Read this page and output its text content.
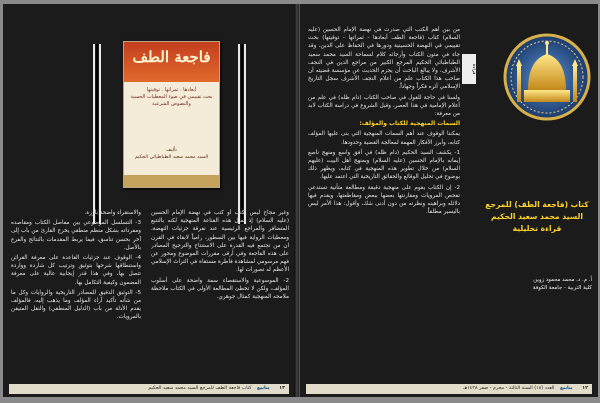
فاجعة الطف
أبعادها . ثمراتها . توقيتها
بحث تقييمي في ضوء المعطيات الحسية والنصوص الشرعية
تأليف
السيد محمد سعيد الطباطبائي الحكيم

والاستقراء واضحة بارزة.

3- التسلسل الموضوعي بين مفاصل الكتاب ومقاصده ومفرداته بشكل منظم منطقي يخرج القارئ من باب إلى آخر بحسن تناسق، فيما يربط المقدمات بالنتائج والفرع بالأصل.

4- الوقوف عند جزئيات القاعدة على معرفة القرائن واستنطاقها شرحها بتوثيق وترتيب كل شاردة وواردة تتصل بها، وفي هذا قدر إيجابية عالية على معرفة المضمون وكيفية التكامل بها.

5- التوثيق الدقيق للمصادر التاريخية والروايات وكل ما من شأنه تأكيد آراء المؤلف وما يذهب إليه، فالمؤلف يقدم الأدلة من باب (الدليل المنطقي) والنقل المتيقن بالمرويات.

وغير مجاح ليس يكتب أو كتب في نهضة الإمام الحسين (عليه السلام) إذ يمثل هذه القناعة المنهجية لكنه بالتتبع المتضافر والمراجع الرئيسية عند تفرقة جزئيات النهضة، ومعطيات الرواية فيها بين السطور، رامياً لابقاء في القرن ان من تجتمع فيه القدرة على الاستنتاج والترجيح المصادر على هذه الفاجعة وفي أرقى مقررات الموضوع ومحور عن فهم مرسومي لمشاهدة فاطرة مستقاة في التراث الإسلامي الأعظم له تصورات لها.

2- الموسوعية والاستقصاء سمة واضحة على أسلوب المؤلف، ولكن لا تخطئ المطالعة الأولى في الكتاب ملاحظة ملامحه المنهجية كمثال جوهري.

١٣ ينابيع كتاب فاجعة الطف للمرجع السيد محمد سعيد الحكيم
قراءة

من بين أهم الكتب التي صدرت في نهضة الإمام الحسين (عليه السلام) كتاب (فاجعة الطف أبعادها - ثمراتها - توقيتها) بحث تقييمي في النهضة الحسينية ودورها في الحفاظ على الدين، وقد جاء في متون الكتاب وأرجائه كلام لسماحة السيد محمد سعيد الطباطبائي الحكيم المرجع الكبير من مراجع الدين في النجف الأشرف، ولا يبالغ الباحث أن يجزم الحديث عن مؤسسة قضيته أن صاحب هذا الكتاب علم من أعلام النجف الأشرف سجل التاريخ الإسلامي أثره فكراً وجهاداً.

ولسنا في حاجة للقول في صاحب الكتاب (دام ظله) في علم من أعلام الإمامية في هذا العصر، وقبل الشروع في دراسة الكتاب لابد من معرفة:

السمات المنهجية للكتاب والمؤلف:

يمكننا الوقوف عند أهم السمات المنهجية التي بنى عليها المؤلف كتابه، وأبرز الأفكار المهمة لمعالجة القضية وحدودها.

1- يكشف السيد الحكيم (دام ظله) في أفق واسع ومنهج ناصع إيمانه بالإمام الحسين (عليه السلام) وبمنهج أهل البيت (عليهم السلام) من خلال تطوير هذه المنهجية في كتابه، ويظهر ذلك بوضوح في تحليل الوقائع والحقائق التاريخية التي اعتمد عليها.

2- إن الكتاب يقوم على منهجية دقيقة ومطالعة متأنية تستدعي تفحص المرويات ومقارنتها بعضها ببعض ومقاطعتها، ويقدم فيها دلائله وبراهينه ونظرته من دون أدنى شك، وأقول: هذا الأمر ليس باليسير مطلقاً.

كتاب (فاجعة الطف) للمرجع السيد محمد سعيد الحكيم قراءة تحليلية
أ. م. د. محمد محمود زوين
كلية التربية - جامعة الكوفة
١٢ ينابيع العدد (١٨) السنة الثالثة - محرم - صفر ١٤٢٨هـ
